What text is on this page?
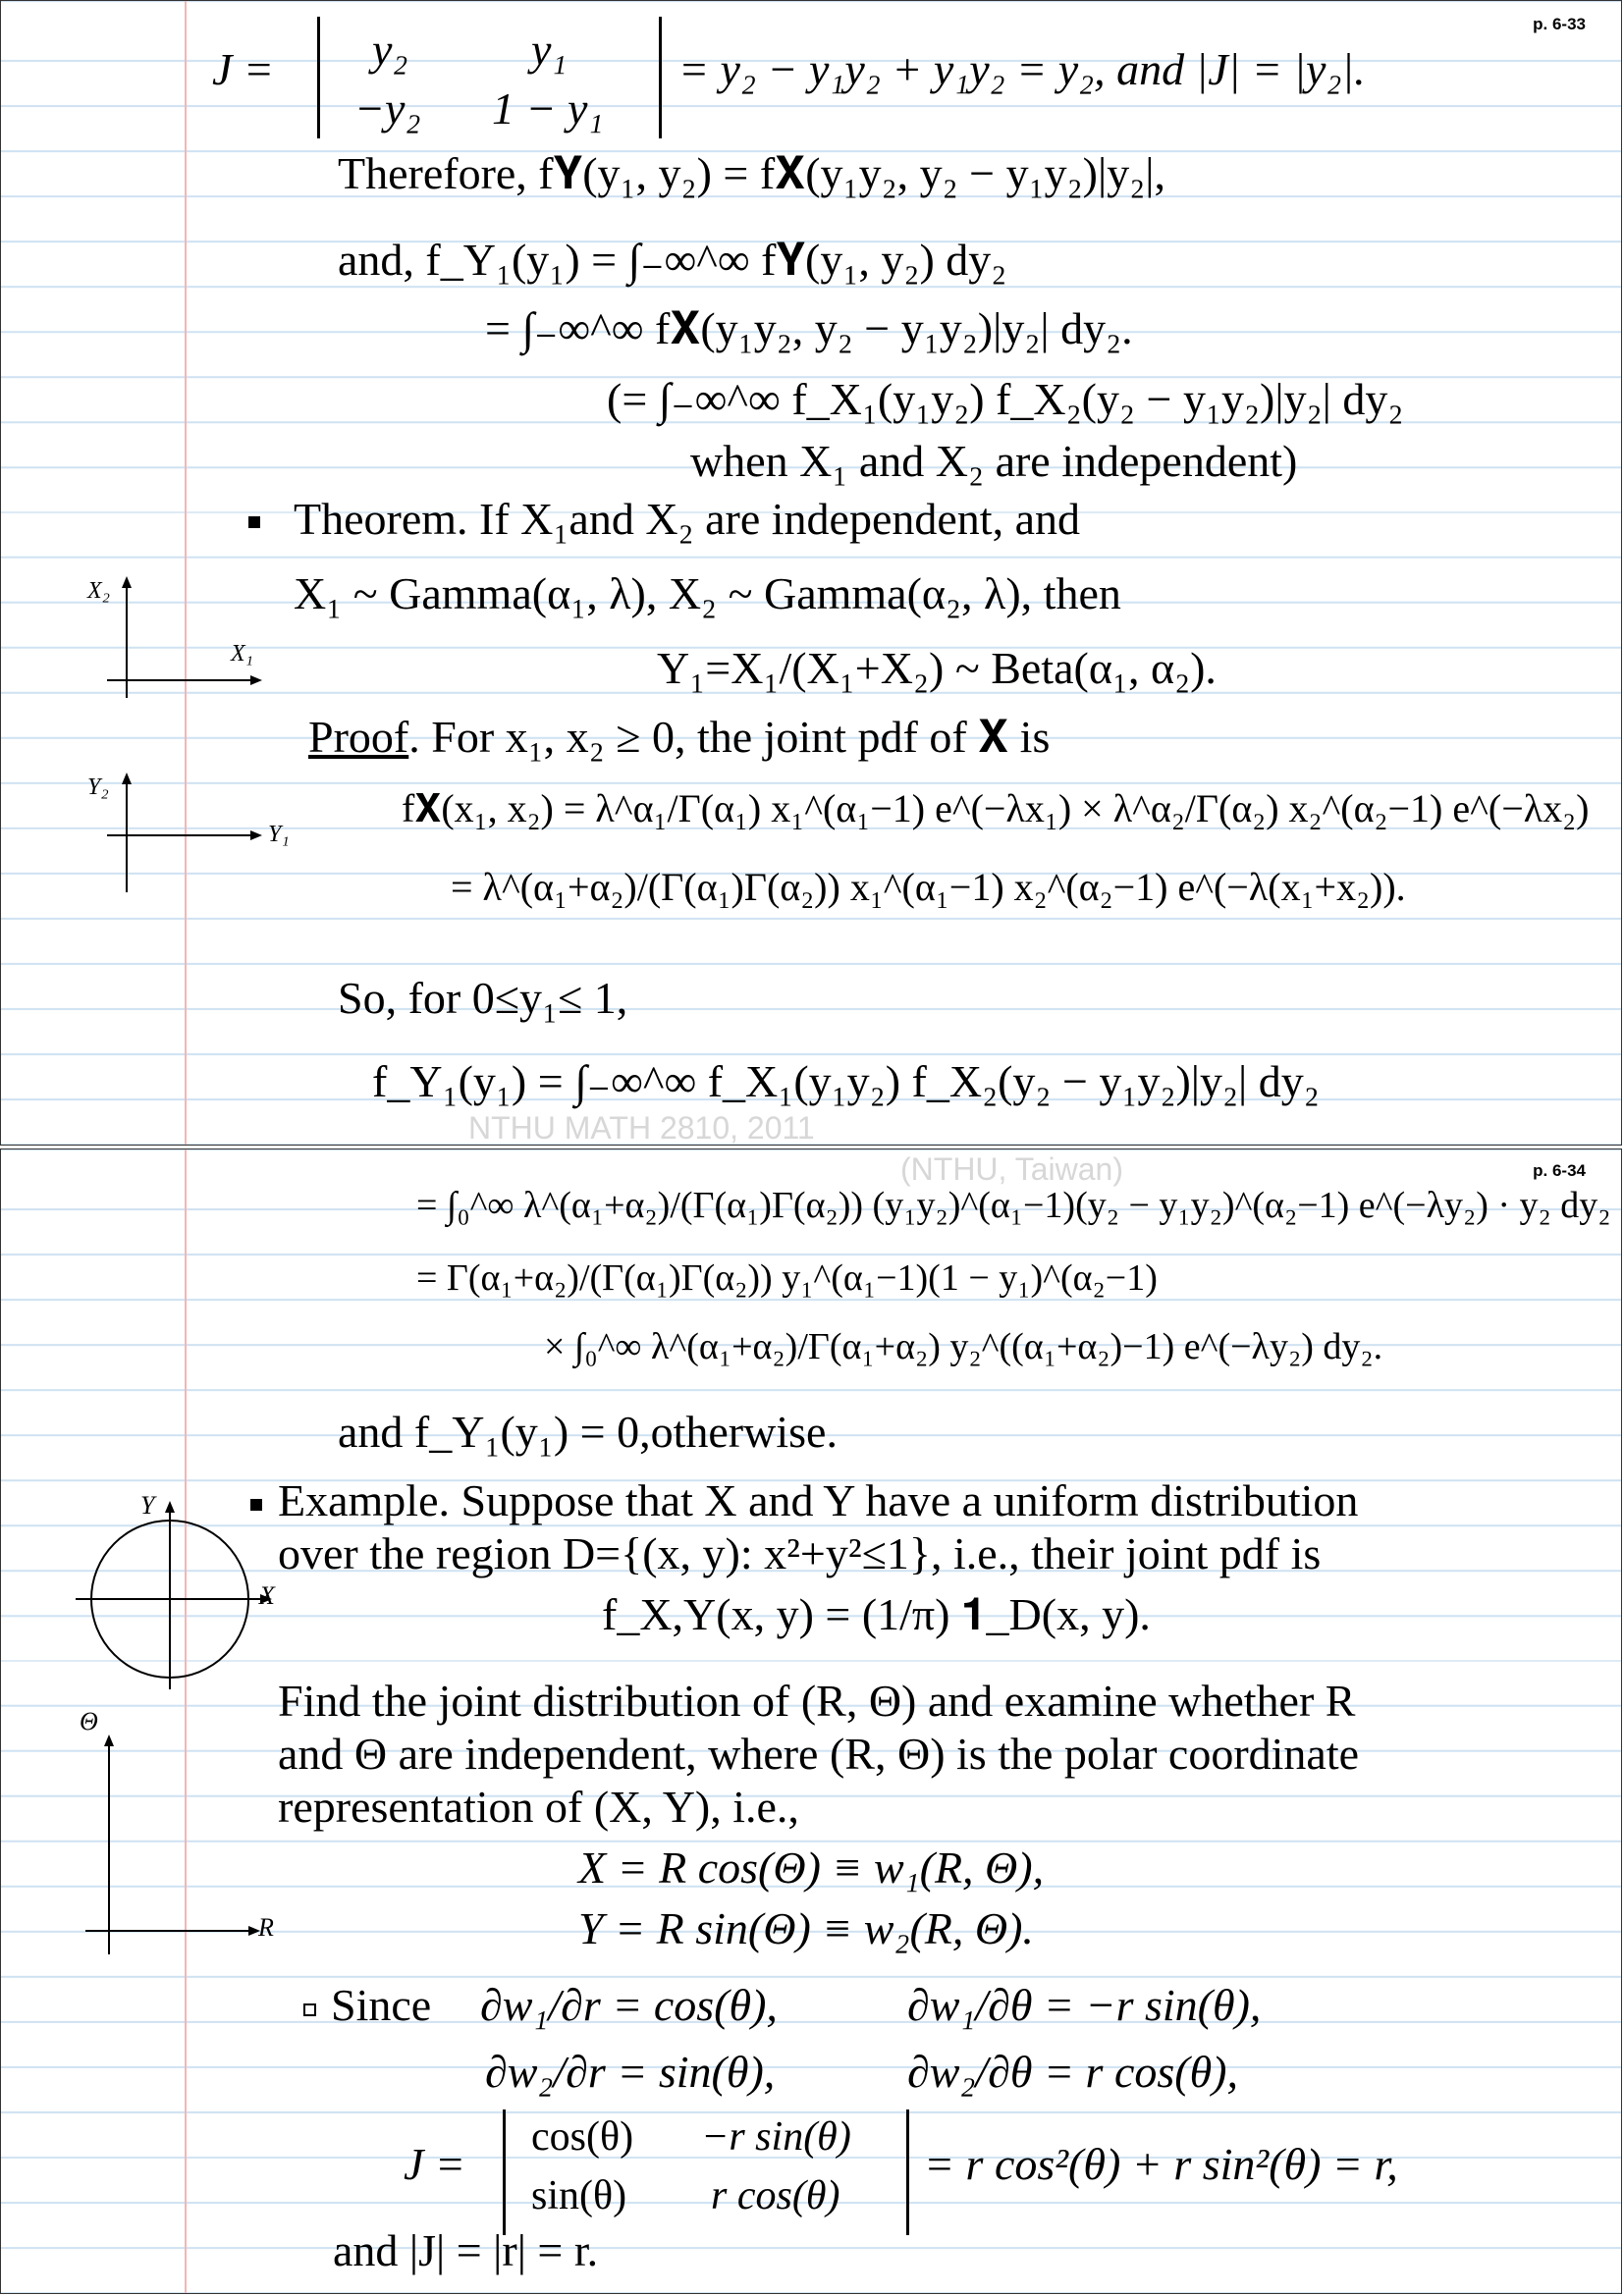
p. 6-33
J = y₂	y₁
−y₂ 1 − y₁
= y₂ − y₁y₂ + y₁y₂ = y₂, and |J| = |y₂|.
Therefore, f𝐘(y₁, y₂) = f𝐗(y₁y₂, y₂ − y₁y₂)|y₂|,
and, f_Y₁(y₁) = ∫₋∞^∞ f𝐘(y₁, y₂) dy₂
= ∫₋∞^∞ f𝐗(y₁y₂, y₂ − y₁y₂)|y₂| dy₂.
(= ∫₋∞^∞ f_X₁(y₁y₂) f_X₂(y₂ − y₁y₂)|y₂| dy₂
when X₁ and X₂ are independent)
Theorem. If X₁and X₂ are independent, and
X₁ ~ Gamma(α₁, λ), X₂ ~ Gamma(α₂, λ), then
Y₁=X₁/(X₁+X₂) ~ Beta(α₁, α₂).
Proof. For x₁, x₂ ≥ 0, the joint pdf of 𝐗 is
f𝐗(x₁, x₂) = λ^α₁/Γ(α₁) x₁^(α₁−1) e^(−λx₁) × λ^α₂/Γ(α₂) x₂^(α₂−1) e^(−λx₂)
= λ^(α₁+α₂)/(Γ(α₁)Γ(α₂)) x₁^(α₁−1) x₂^(α₂−1) e^(−λ(x₁+x₂)).
So, for 0≤y₁≤ 1,
f_Y₁(y₁) = ∫₋∞^∞ f_X₁(y₁y₂) f_X₂(y₂ − y₁y₂)|y₂| dy₂
X₂
X₁
Y₂
Y₁
NTHU MATH 2810, 2011
p. 6-34
(NTHU, Taiwan)
= ∫₀^∞ λ^(α₁+α₂)/(Γ(α₁)Γ(α₂)) (y₁y₂)^(α₁−1)(y₂ − y₁y₂)^(α₂−1) e^(−λy₂) · y₂ dy₂
= Γ(α₁+α₂)/(Γ(α₁)Γ(α₂)) y₁^(α₁−1)(1 − y₁)^(α₂−1)
× ∫₀^∞ λ^(α₁+α₂)/Γ(α₁+α₂) y₂^((α₁+α₂)−1) e^(−λy₂) dy₂.
and f_Y₁(y₁) = 0,otherwise.
Example. Suppose that X and Y have a uniform distribution
over the region D={(x, y): x²+y²≤1}, i.e., their joint pdf is
f_X,Y(x, y) = (1/π) 𝟏_D(x, y).
Find the joint distribution of (R, Θ) and examine whether R
and Θ are independent, where (R, Θ) is the polar coordinate
representation of (X, Y), i.e.,
X = R cos(Θ) ≡ w₁(R, Θ),
Y = R sin(Θ) ≡ w₂(R, Θ).
Since ∂w₁/∂r = cos(θ),	∂w₁/∂θ = −r sin(θ),
∂w₂/∂r = sin(θ),	∂w₂/∂θ = r cos(θ),
J =
cos(θ) −r sin(θ)
sin(θ) r cos(θ)
= r cos²(θ) + r sin²(θ) = r,
and |J| = |r| = r.
Y
X
Θ
R
